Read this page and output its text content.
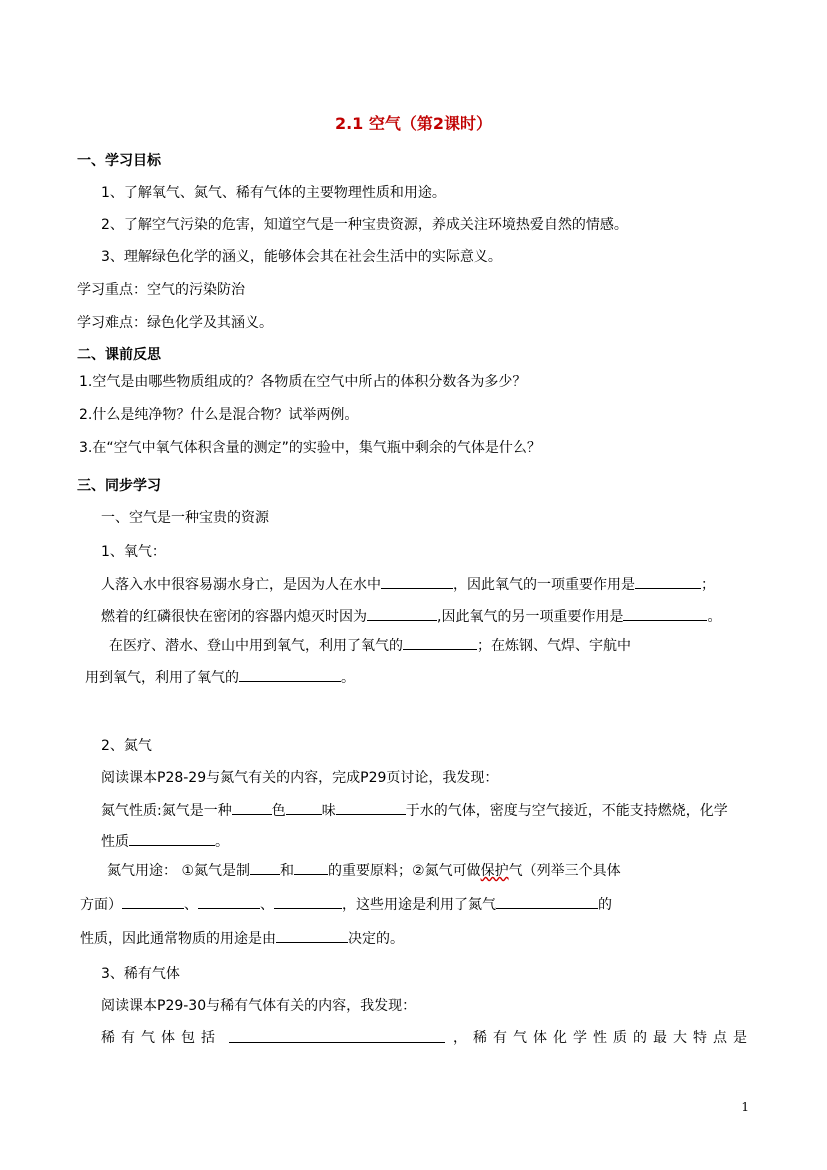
2.1 空气（第2课时）
一、学习目标
1、了解氧气、氮气、稀有气体的主要物理性质和用途。
2、了解空气污染的危害，知道空气是一种宝贵资源，养成关注环境热爱自然的情感。
3、理解绿色化学的涵义，能够体会其在社会生活中的实际意义。
学习重点：空气的污染防治
学习难点：绿色化学及其涵义。
二、课前反思
1.空气是由哪些物质组成的？各物质在空气中所占的体积分数各为多少？
2.什么是纯净物？什么是混合物？试举两例。
3.在“空气中氧气体积含量的测定”的实验中，集气瓶中剩余的气体是什么？
三、同步学习
一、空气是一种宝贵的资源
1、氧气：
人落入水中很容易溺水身亡，是因为人在水中	，因此氧气的一项重要作用是	；
燃着的红磷很快在密闭的容器内熄灭时因为	,因此氧气的另一项重要作用是	。
在医疗、潜水、登山中用到氧气，利用了氧气的	；在炼钢、气焊、宇航中
用到氧气，利用了氧气的	。
2、氮气
阅读课本P28-29与氮气有关的内容，完成P29页讨论，我发现：
氮气性质:氮气是一种	色	味	于水的气体，密度与空气接近，不能支持燃烧，化学
性质	。
氮气用途： ①氮气是制 和 的重要原料；②氮气可做保护气（列举三个具体
方面）	、	、	，这些用途是利用了氮气	的
性质，因此通常物质的用途是由	决定的。
3、稀有气体
阅读课本P29-30与稀有气体有关的内容，我发现：
稀有气体包括	，稀有气体化学性质的最大特点是
1
